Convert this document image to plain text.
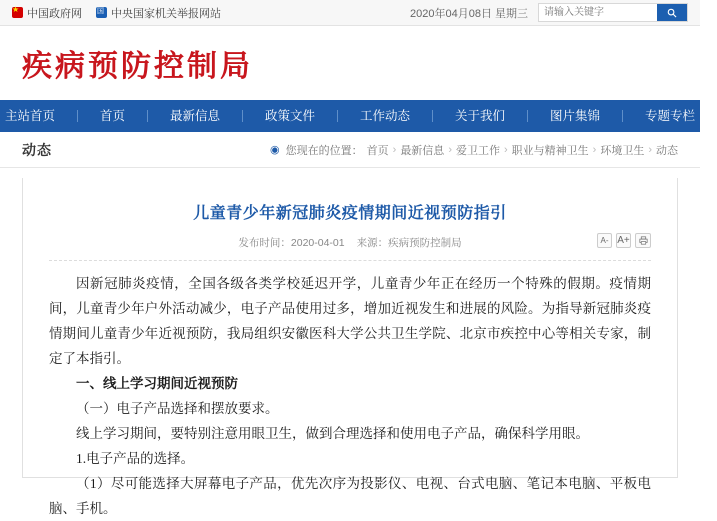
★
中国政府网 国	中央国家机关举报网站	2020年04月08日 星期三
请输入关键字
疾病预防控制局
主站首页	首页	最新信息	政策文件	工作动态	关于我们	图片集锦	专题专栏
动态	◉ 您现在的位置： 首页 › 最新信息 › 爱卫工作 › 职业与精神卫生 › 环境卫生 › 动态
儿童青少年新冠肺炎疫情期间近视预防指引
发布时间：2020-04-01 来源：疾病预防控制局	A- A+

因新冠肺炎疫情，全国各级各类学校延迟开学，儿童青少年正在经历一个特殊的假期。疫情期间，儿童青少年户外活动减少，电子产品使用过多，增加近视发生和进展的风险。为指导新冠肺炎疫情期间儿童青少年近视预防，我局组织安徽医科大学公共卫生学院、北京市疾控中心等相关专家，制定了本指引。

一、线上学习期间近视预防

（一）电子产品选择和摆放要求。

线上学习期间，要特别注意用眼卫生，做到合理选择和使用电子产品，确保科学用眼。

1.电子产品的选择。

（1）尽可能选择大屏幕电子产品，优先次序为投影仪、电视、台式电脑、笔记本电脑、平板电脑、手机。
